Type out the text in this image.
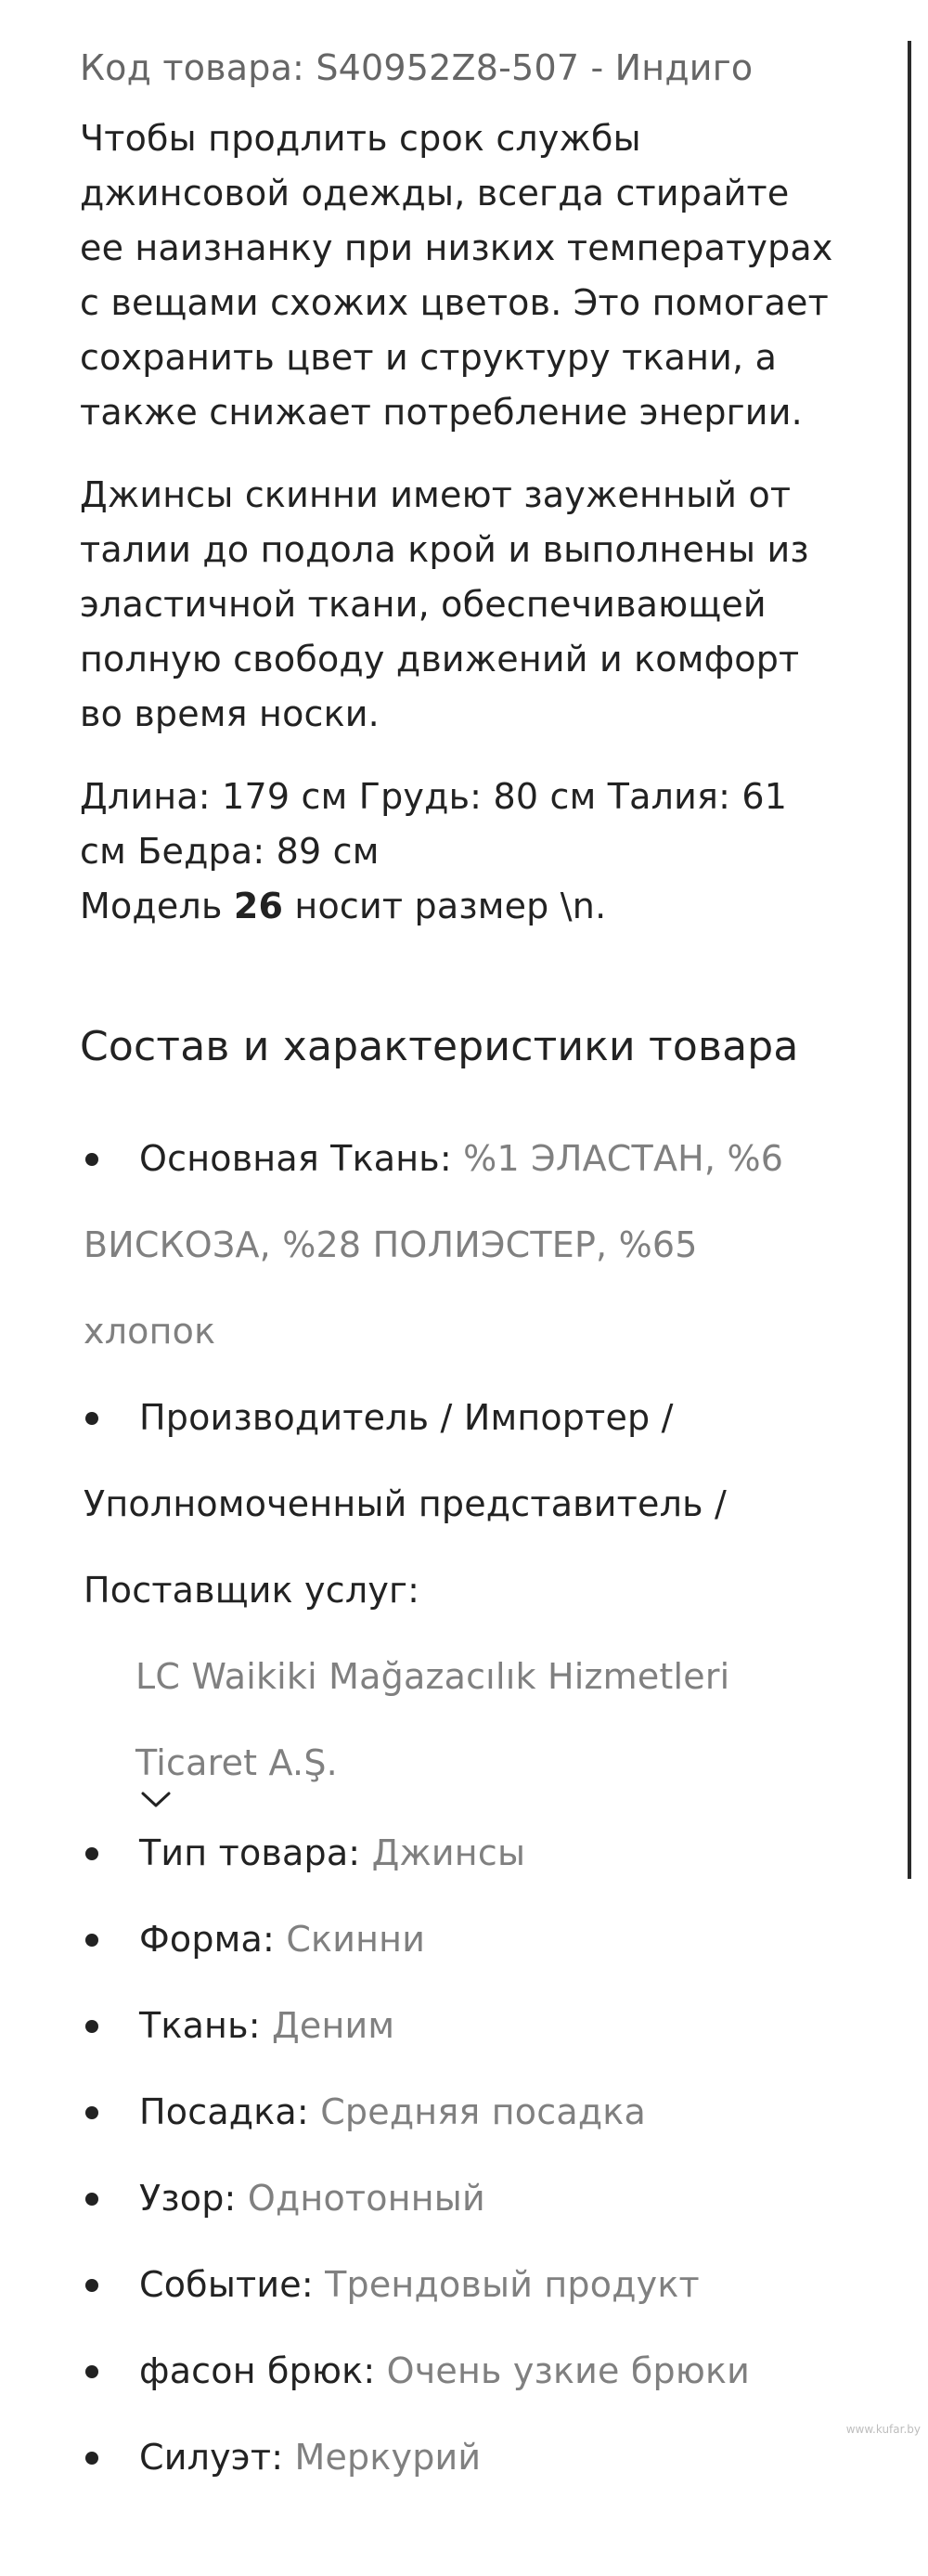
Код товара: S40952Z8-507 - Индиго
Чтобы продлить срок службы джинсовой одежды, всегда стирайте ее наизнанку при низких температурах с вещами схожих цветов. Это помогает сохранить цвет и структуру ткани, а также снижает потребление энергии.
Джинсы скинни имеют зауженный от талии до подола крой и выполнены из эластичной ткани, обеспечивающей полную свободу движений и комфорт во время носки.
Длина: 179 см Грудь: 80 см Талия: 61 см Бедра: 89 см
Модель 26 носит размер \n.
Состав и характеристики товара
Основная Ткань: %1 ЭЛАСТАН, %6
ВИСКОЗА, %28 ПОЛИЭСТЕР, %65
хлопок
Производитель / Импортер /
Уполномоченный представитель /
Поставщик услуг:
LC Waikiki Mağazacılık Hizmetleri
Ticaret A.Ş.
Тип товара: Джинсы
Форма: Скинни
Ткань: Деним
Посадка: Средняя посадка
Узор: Однотонный
Событие: Трендовый продукт
фасон брюк: Очень узкие брюки
Силуэт: Меркурий
www.kufar.by
